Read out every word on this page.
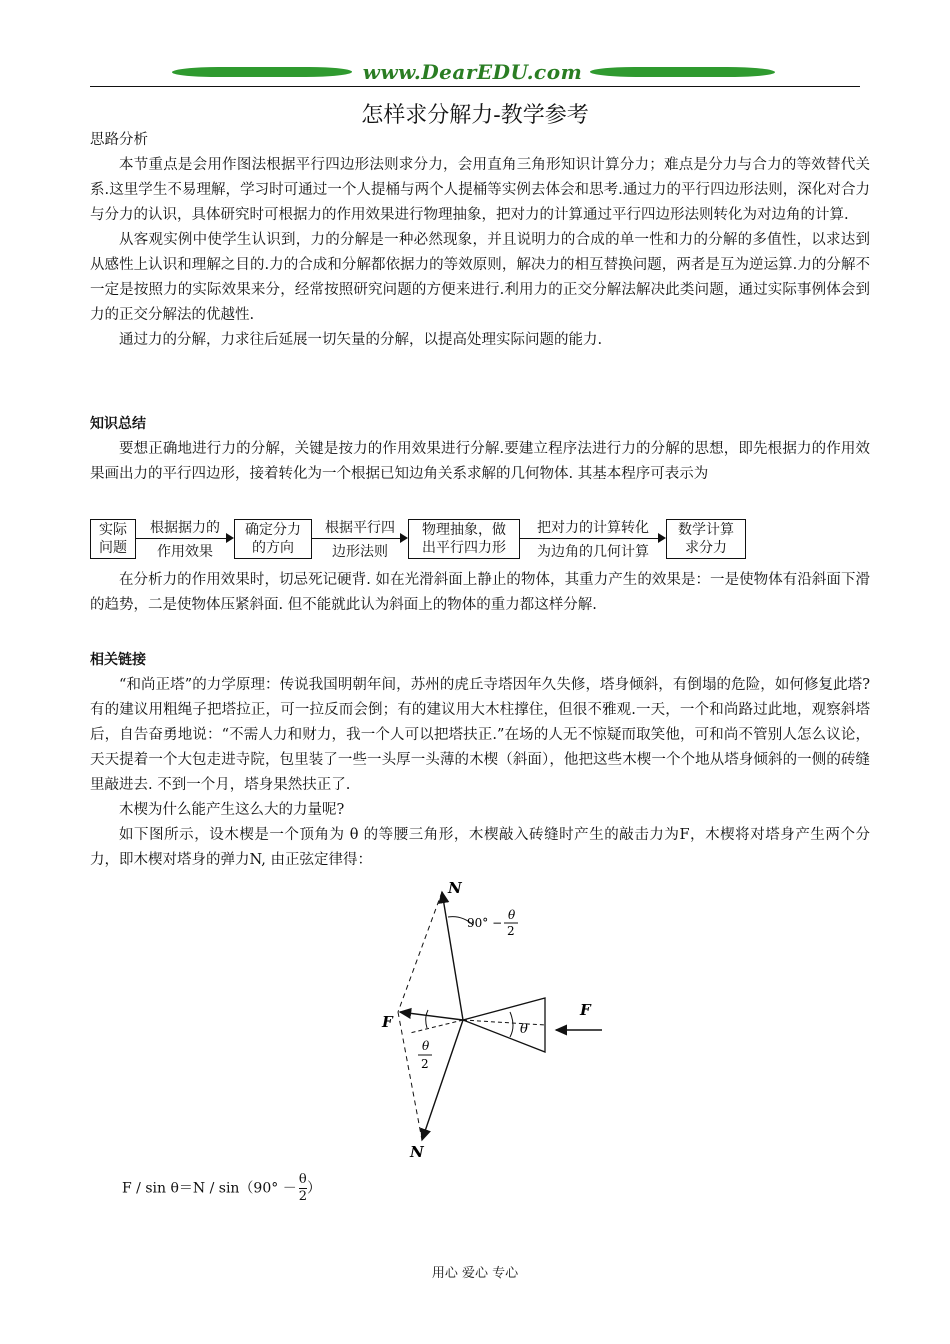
www.DearEDU.com
怎样求分解力-教学参考
思路分析

本节重点是会用作图法根据平行四边形法则求分力，会用直角三角形知识计算分力；难点是分力与合力的等效替代关系.这里学生不易理解，学习时可通过一个人提桶与两个人提桶等实例去体会和思考.通过力的平行四边形法则，深化对合力与分力的认识，具体研究时可根据力的作用效果进行物理抽象，把对力的计算通过平行四边形法则转化为对边角的计算.

从客观实例中使学生认识到，力的分解是一种必然现象，并且说明力的合成的单一性和力的分解的多值性，以求达到从感性上认识和理解之目的.力的合成和分解都依据力的等效原则，解决力的相互替换问题，两者是互为逆运算.力的分解不一定是按照力的实际效果来分，经常按照研究问题的方便来进行.利用力的正交分解法解决此类问题，通过实际事例体会到力的正交分解法的优越性.

通过力的分解，力求往后延展一切矢量的分解，以提高处理实际问题的能力.

知识总结

要想正确地进行力的分解，关键是按力的作用效果进行分解.要建立程序法进行力的分解的思想，即先根据力的作用效果画出力的平行四边形，接着转化为一个根据已知边角关系求解的几何物体. 其基本程序可表示为

实际
问题
根据据力的
作用效果
确定分力
的方向
根据平行四
边形法则
物理抽象，做
出平行四力形
把对力的计算转化
为边角的几何计算
数学计算
求分力

在分析力的作用效果时，切忌死记硬背. 如在光滑斜面上静止的物体，其重力产生的效果是：一是使物体有沿斜面下滑的趋势，二是使物体压紧斜面. 但不能就此认为斜面上的物体的重力都这样分解.

相关链接

“和尚正塔”的力学原理：传说我国明朝年间，苏州的虎丘寺塔因年久失修，塔身倾斜，有倒塌的危险，如何修复此塔?有的建议用粗绳子把塔拉正，可一拉反而会倒；有的建议用大木柱撑住，但很不雅观.一天，一个和尚路过此地，观察斜塔后，自告奋勇地说：“不需人力和财力，我一个人可以把塔扶正.”在场的人无不惊疑而取笑他，可和尚不管别人怎么议论，天天提着一个大包走进寺院，包里装了一些一头厚一头薄的木楔（斜面），他把这些木楔一个个地从塔身倾斜的一侧的砖缝里敲进去. 不到一个月，塔身果然扶正了.

木楔为什么能产生这么大的力量呢?

如下图所示，设木楔是一个顶角为 θ 的等腰三角形，木楔敲入砖缝时产生的敲击力为F，木楔将对塔身产生两个分力，即木楔对塔身的弹力N, 由正弦定律得：

N
N
F
F
θ
90° −
θ
2
θ
2
$F / \sin \theta=N / \sin(90^\circ - \frac{\theta}{2}$ ）
用心 爱心 专心
